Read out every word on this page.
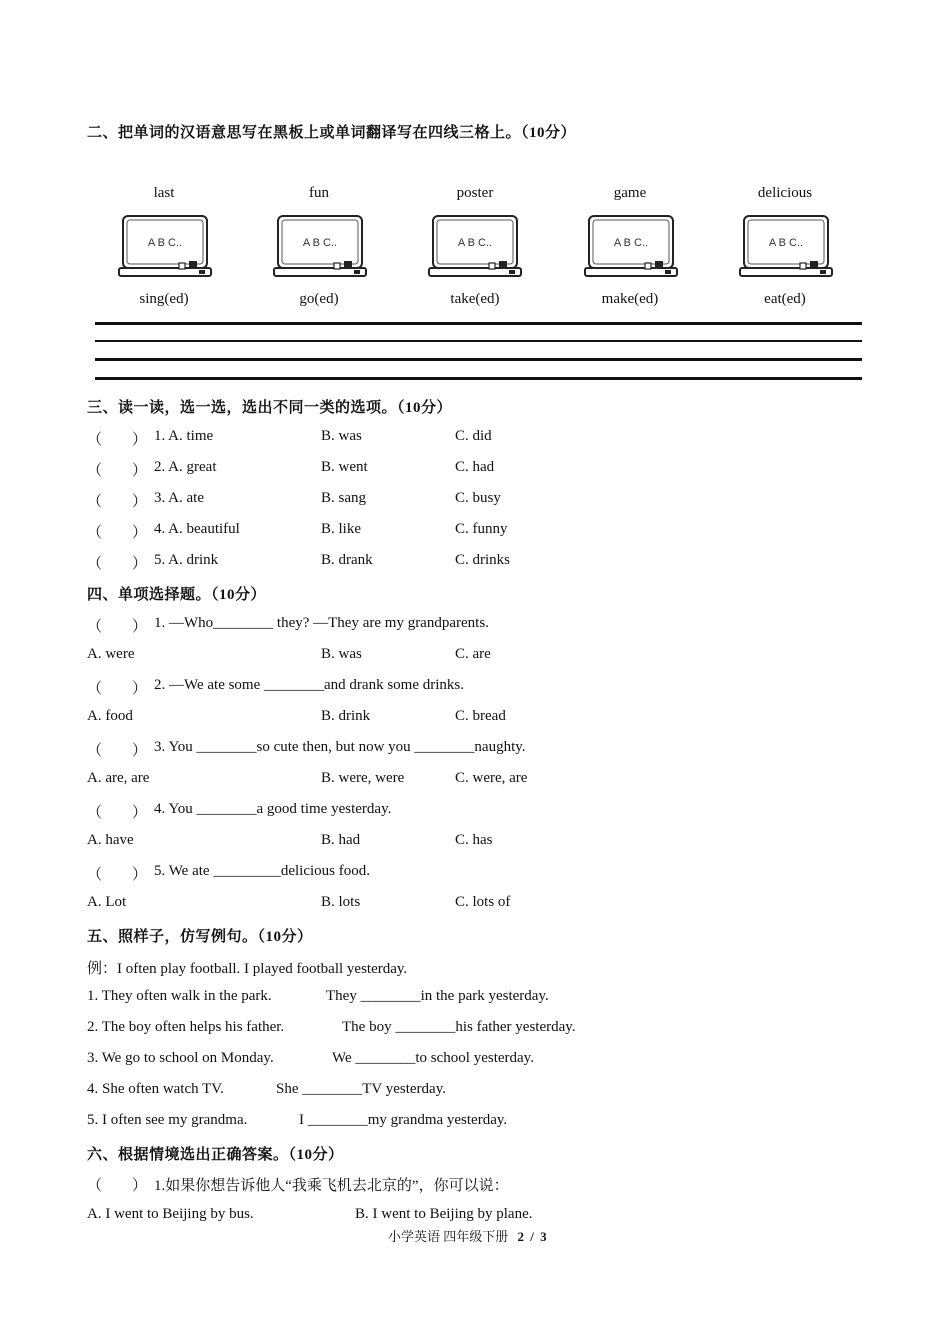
二、把单词的汉语意思写在黑板上或单词翻译写在四线三格上。（10分）
last	fun	poster	game	delicious
A B C..	A B C..	A B C..	A B C..	A B C..
sing(ed)	go(ed)	take(ed)	make(ed)	eat(ed)
三、读一读，选一选，选出不同一类的选项。（10分）
（　　） 1. A. time	B. was	C. did
（　　） 2. A. great	B. went	C. had
（　　） 3. A. ate	B. sang	C. busy
（　　） 4. A. beautiful	B. like	C. funny
（　　） 5. A. drink	B. drank	C. drinks
四、单项选择题。（10分）
（　　） 1. —Who________ they? —They are my grandparents.
A. were	B. was	C. are
（　　） 2. —We ate some ________and drank some drinks.
A. food	B. drink	C. bread
（　　） 3. You ________so cute then, but now you ________naughty.
A. are, are	B. were, were	C. were, are
（　　） 4. You ________a good time yesterday.
A. have	B. had	C. has
（　　） 5. We ate _________delicious food.
A. Lot	B. lots	C. lots of
五、照样子，仿写例句。（10分）
例：I often play football. I played football yesterday.
1. They often walk in the park.	They ________in the park yesterday.
2. The boy often helps his father.	The boy ________his father yesterday.
3. We go to school on Monday.	We ________to school yesterday.
4. She often watch TV.	She ________TV yesterday.
5. I often see my grandma.	I ________my grandma yesterday.
六、根据情境选出正确答案。（10分）
（　　） 1.如果你想告诉他人“我乘飞机去北京的”，你可以说：
A. I went to Beijing by bus.	B. I went to Beijing by plane.
小学英语 四年级下册 2 / 3
